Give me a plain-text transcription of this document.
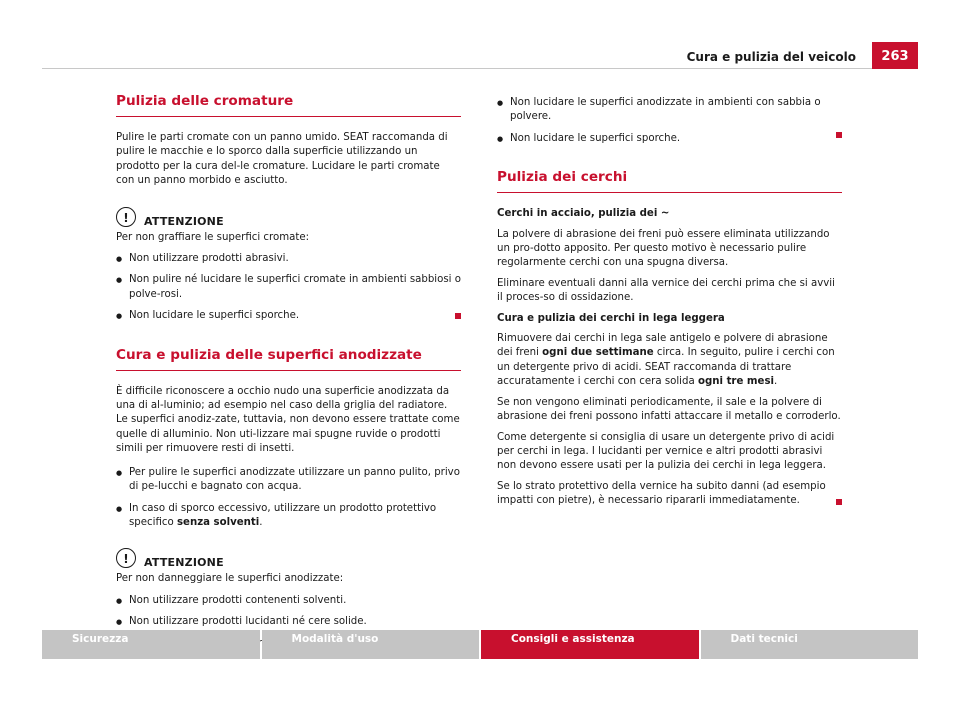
Cura e pulizia del veicolo	263
Pulizia delle cromature

Pulire le parti cromate con un panno umido. SEAT raccomanda di pulire le macchie e lo sporco dalla superficie utilizzando un prodotto per la cura del-le cromature. Lucidare le parti cromate con un panno morbido e asciutto.

!	ATTENZIONE

Per non graffiare le superfici cromate:

● Non utilizzare prodotti abrasivi.
● Non pulire né lucidare le superfici cromate in ambienti sabbiosi o polve-rosi.
● Non lucidare le superfici sporche.
Cura e pulizia delle superfici anodizzate

È difficile riconoscere a occhio nudo una superficie anodizzata da una di al-luminio; ad esempio nel caso della griglia del radiatore. Le superfici anodiz-zate, tuttavia, non devono essere trattate come quelle di alluminio. Non uti-lizzare mai spugne ruvide o prodotti simili per rimuovere resti di insetti.

● Per pulire le superfici anodizzate utilizzare un panno pulito, privo di pe-lucchi e bagnato con acqua.
● In caso di sporco eccessivo, utilizzare un prodotto protettivo specifico senza solventi.
!	ATTENZIONE

Per non danneggiare le superfici anodizzate:

● Non utilizzare prodotti contenenti solventi.
● Non utilizzare prodotti lucidanti né cere solide.
●
● Non lucidare le superfici anodizzate in ambienti con sabbia o polvere.
● Non lucidare le superfici sporche.
Pulizia dei cerchi

Cerchi in acciaio, pulizia dei ~

La polvere di abrasione dei freni può essere eliminata utilizzando un pro-dotto apposito. Per questo motivo è necessario pulire regolarmente cerchi con una spugna diversa.

Eliminare eventuali danni alla vernice dei cerchi prima che si avvii il proces-so di ossidazione.

Cura e pulizia dei cerchi in lega leggera

Rimuovere dai cerchi in lega sale antigelo e polvere di abrasione dei freni ogni due settimane circa. In seguito, pulire i cerchi con un detergente privo di acidi. SEAT raccomanda di trattare accuratamente i cerchi con cera solida ogni tre mesi.

Se non vengono eliminati periodicamente, il sale e la polvere di abrasione dei freni possono infatti attaccare il metallo e corroderlo.

Come detergente si consiglia di usare un detergente privo di acidi per cerchi in lega. I lucidanti per vernice e altri prodotti abrasivi non devono essere usati per la pulizia dei cerchi in lega leggera.

Se lo strato protettivo della vernice ha subito danni (ad esempio impatti con pietre), è necessario ripararli immediatamente.

Sicurezza	Modalità d'uso	Consigli e assistenza	Dati tecnici
